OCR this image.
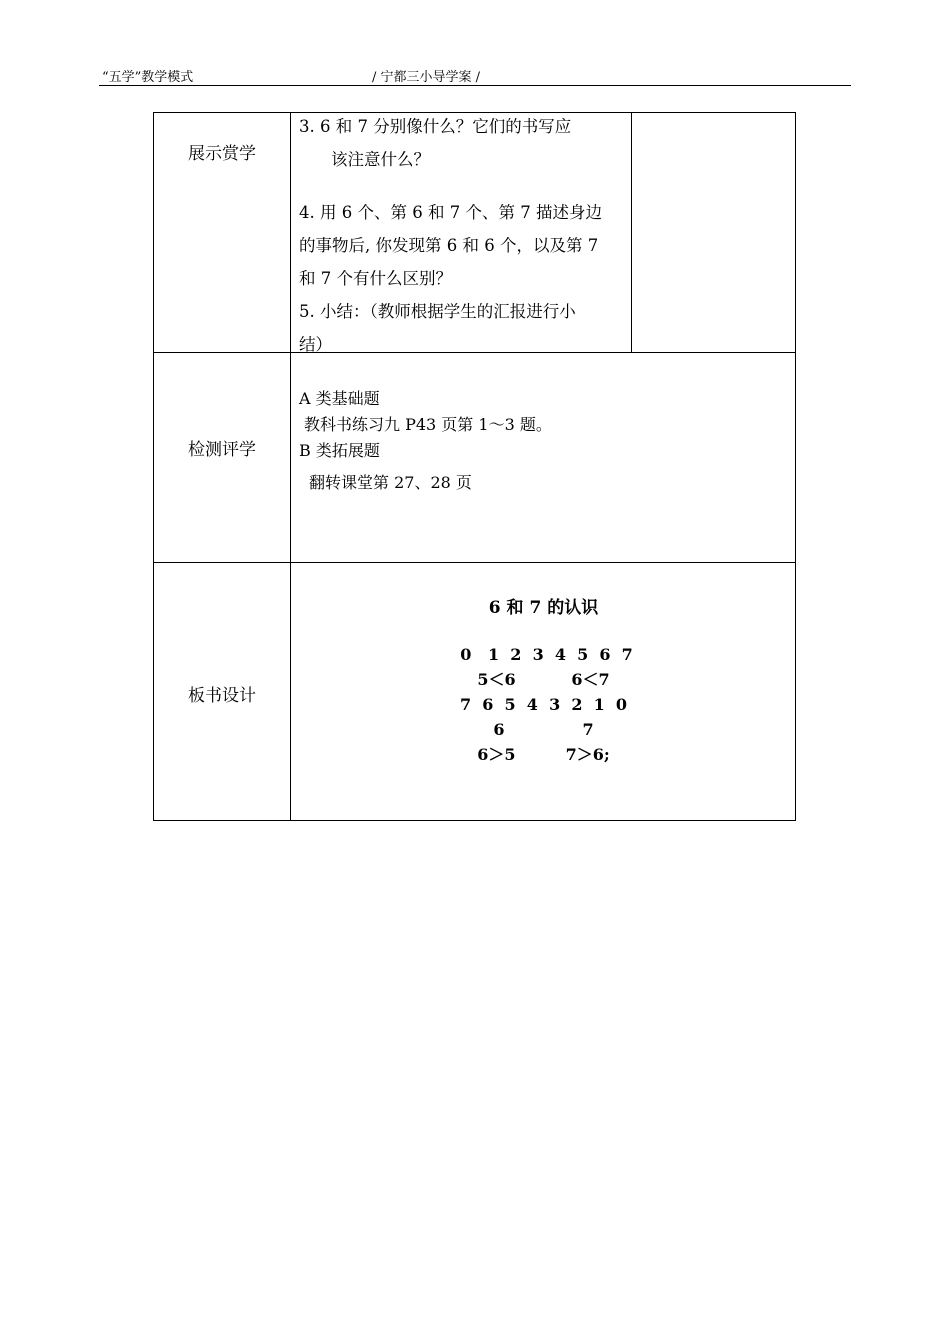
“五学”教学模式	/ 宁都三小导学案 /
展示赏学
3. 6 和 7 分别像什么？它们的书写应
该注意什么？
4. 用 6 个、第 6 和 7 个、第 7 描述身边
的事物后, 你发现第 6 和 6 个，以及第 7
和 7 个有什么区别？
5. 小结：（教师根据学生的汇报进行小
结）
检测评学
A 类基础题
教科书练习九 P43 页第 1～3 题。
B 类拓展题
翻转课堂第 27、28 页
板书设计
6 和 7 的认识
0   1  2  3  4  5  6  7
5＜6          6＜7
7  6  5  4  3  2  1  0
6              7
6＞5         7＞6;
